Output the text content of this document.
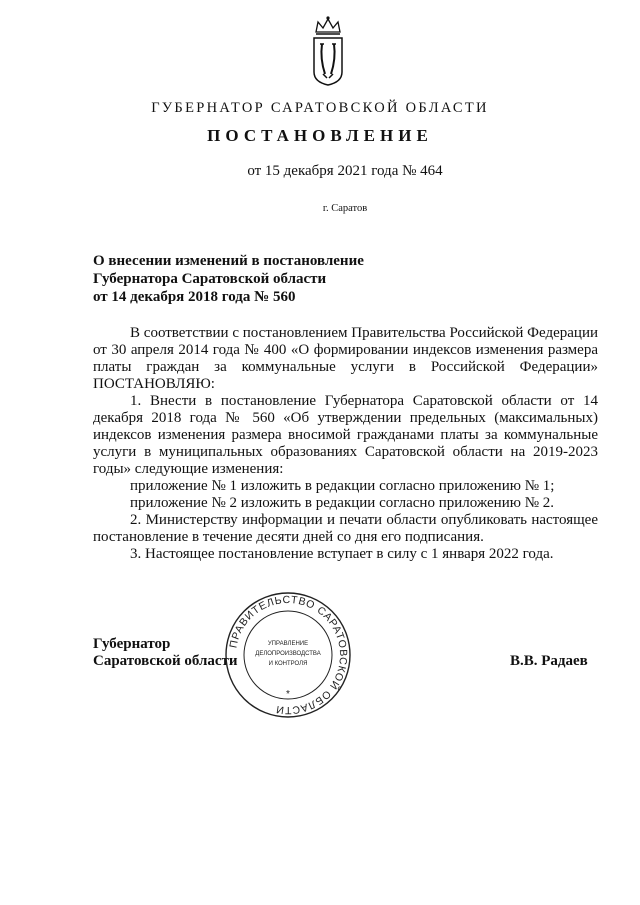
ГУБЕРНАТОР САРАТОВСКОЙ ОБЛАСТИ
ПОСТАНОВЛЕНИЕ
от 15 декабря 2021 года № 464
г. Саратов
О внесении изменений в постановление
Губернатора Саратовской области
от 14 декабря 2018 года № 560

В соответствии с постановлением Правительства Российской Федерации от 30 апреля 2014 года № 400 «О формировании индексов изменения размера платы граждан за коммунальные услуги в Российской Федерации» ПОСТАНОВЛЯЮ:

1. Внести в постановление Губернатора Саратовской области от 14 декабря 2018 года № 560 «Об утверждении предельных (максимальных) индексов изменения размера вносимой гражданами платы за коммунальные услуги в муниципальных образованиях Саратовской области на 2019-2023 годы» следующие изменения:

приложение № 1 изложить в редакции согласно приложению № 1;

приложение № 2 изложить в редакции согласно приложению № 2.

2. Министерству информации и печати области опубликовать настоящее постановление в течение десяти дней со дня его подписания.

3. Настоящее постановление вступает в силу с 1 января 2022 года.

Губернатор
Саратовской области
ПРАВИТЕЛЬСТВО САРАТОВСКОЙ ОБЛАСТИ
УПРАВЛЕНИЕ
ДЕЛОПРОИЗВОДСТВА
И КОНТРОЛЯ
*
В.В. Радаев
